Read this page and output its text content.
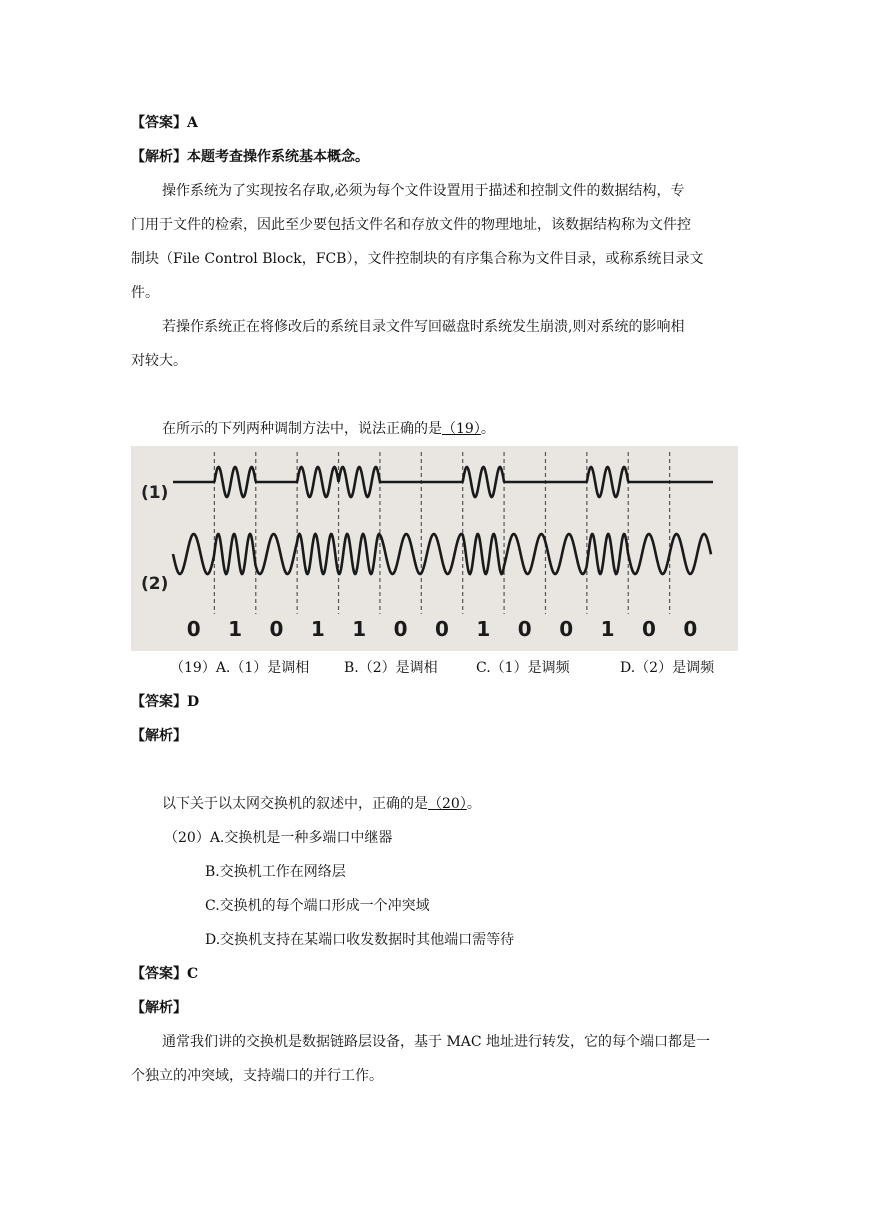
【答案】A
【解析】本题考查操作系统基本概念。
操作系统为了实现按名存取,必须为每个文件设置用于描述和控制文件的数据结构，专
门用于文件的检索，因此至少要包括文件名和存放文件的物理地址，该数据结构称为文件控
制块（File Control Block，FCB），文件控制块的有序集合称为文件目录，或称系统目录文
件。
若操作系统正在将修改后的系统目录文件写回磁盘时系统发生崩溃,则对系统的影响相
对较大。
在所示的下列两种调制方法中，说法正确的是（19）。
(1)
(2)
0 1 0 1 1 0 0 1 0 0 1 0 0
（19）A.（1）是调相 B.（2）是调相	C.（1）是调频	D.（2）是调频
【答案】D
【解析】
以下关于以太网交换机的叙述中，正确的是（20）。
（20）A.交换机是一种多端口中继器
B.交换机工作在网络层
C.交换机的每个端口形成一个冲突域
D.交换机支持在某端口收发数据时其他端口需等待
【答案】C
【解析】
通常我们讲的交换机是数据链路层设备，基于 MAC 地址进行转发，它的每个端口都是一
个独立的冲突域，支持端口的并行工作。
